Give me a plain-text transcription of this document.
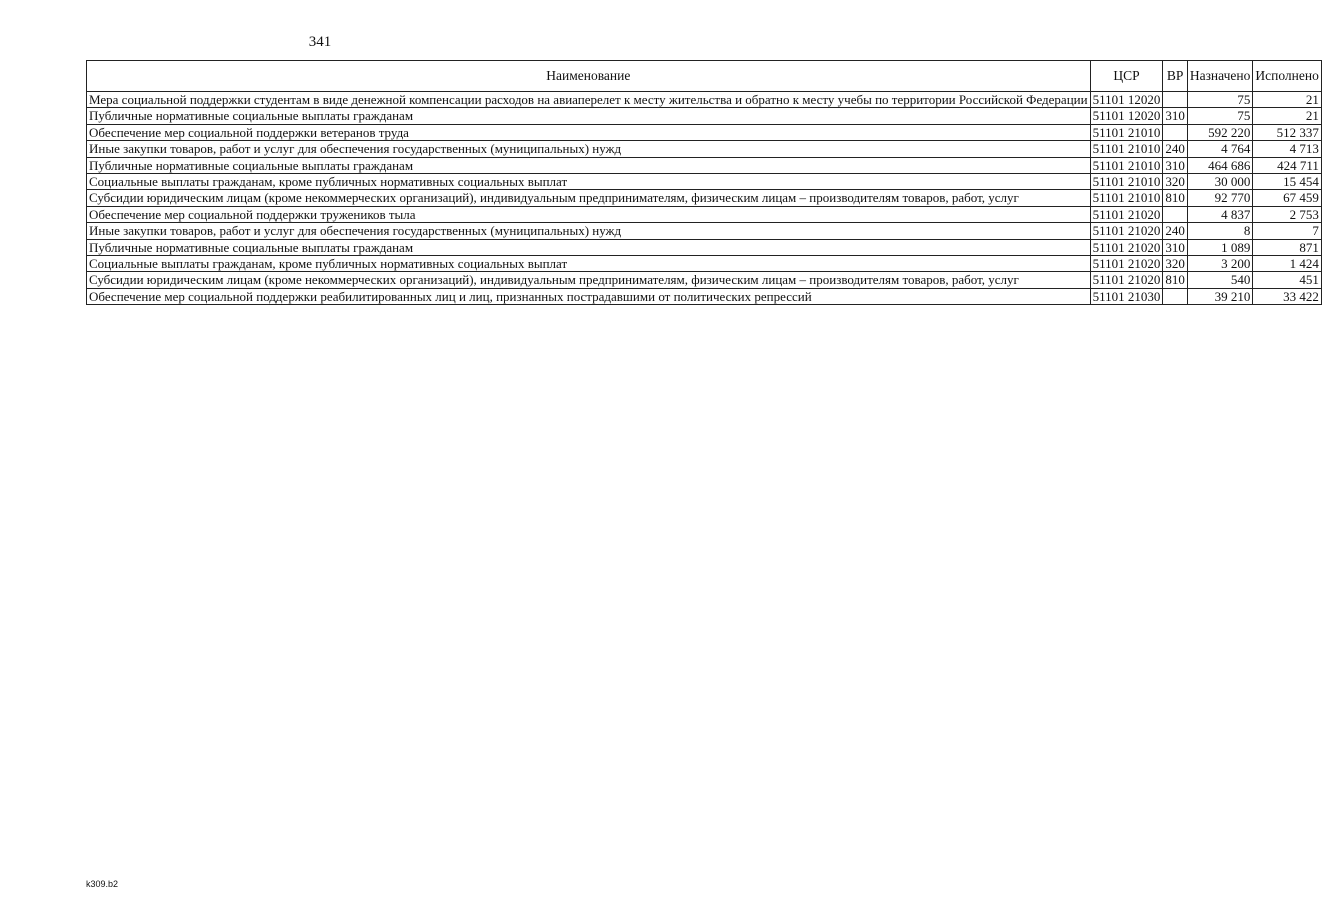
341
Наименование	ЦСР	ВР	Назначено	Исполнено
Мера социальной поддержки студентам в виде денежной компенсации расходов на авиаперелет к месту жительства и обратно к месту учебы по территории Российской Федерации	51101 12020		75	21
Публичные нормативные социальные выплаты гражданам	51101 12020	310	75	21
Обеспечение мер социальной поддержки ветеранов труда	51101 21010		592 220	512 337
Иные закупки товаров, работ и услуг для обеспечения государственных (муниципальных) нужд	51101 21010	240	4 764	4 713
Публичные нормативные социальные выплаты гражданам	51101 21010	310	464 686	424 711
Социальные выплаты гражданам, кроме публичных нормативных социальных выплат	51101 21010	320	30 000	15 454
Субсидии юридическим лицам (кроме некоммерческих организаций), индивидуальным предпринимателям, физическим лицам – производителям товаров, работ, услуг	51101 21010	810	92 770	67 459
Обеспечение мер социальной поддержки тружеников тыла	51101 21020		4 837	2 753
Иные закупки товаров, работ и услуг для обеспечения государственных (муниципальных) нужд	51101 21020	240	8	7
Публичные нормативные социальные выплаты гражданам	51101 21020	310	1 089	871
Социальные выплаты гражданам, кроме публичных нормативных социальных выплат	51101 21020	320	3 200	1 424
Субсидии юридическим лицам (кроме некоммерческих организаций), индивидуальным предпринимателям, физическим лицам – производителям товаров, работ, услуг	51101 21020	810	540	451
Обеспечение мер социальной поддержки реабилитированных лиц и лиц, признанных пострадавшими от политических репрессий	51101 21030		39 210	33 422
k309.b2
